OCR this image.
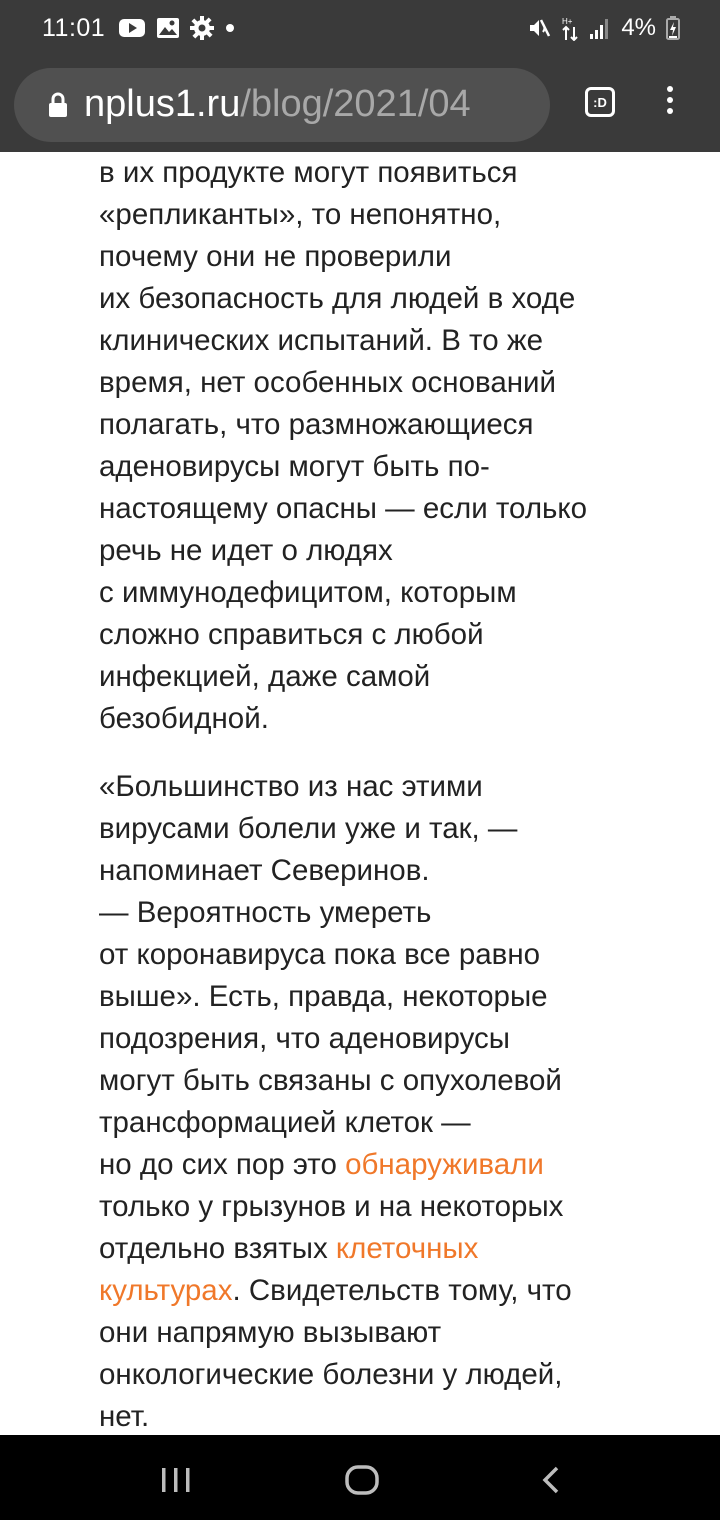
11:01	H+ 4%
nplus1.ru/blog/2021/04	:D
в их продукте могут появиться
«репликанты», то непонятно,
почему они не проверили
их безопасность для людей в ходе
клинических испытаний. В то же
время, нет особенных оснований
полагать, что размножающиеся
аденовирусы могут быть по-
настоящему опасны — если только
речь не идет о людях
с иммунодефицитом, которым
сложно справиться с любой
инфекцией, даже самой
безобидной.
«Большинство из нас этими
вирусами болели уже и так, —
напоминает Северинов.
— Вероятность умереть
от коронавируса пока все равно
выше». Есть, правда, некоторые
подозрения, что аденовирусы
могут быть связаны с опухолевой
трансформацией клеток —
но до сих пор это обнаруживали
только у грызунов и на некоторых
отдельно взятых клеточных
культурах. Свидетельств тому, что
они напрямую вызывают
онкологические болезни у людей,
нет.
